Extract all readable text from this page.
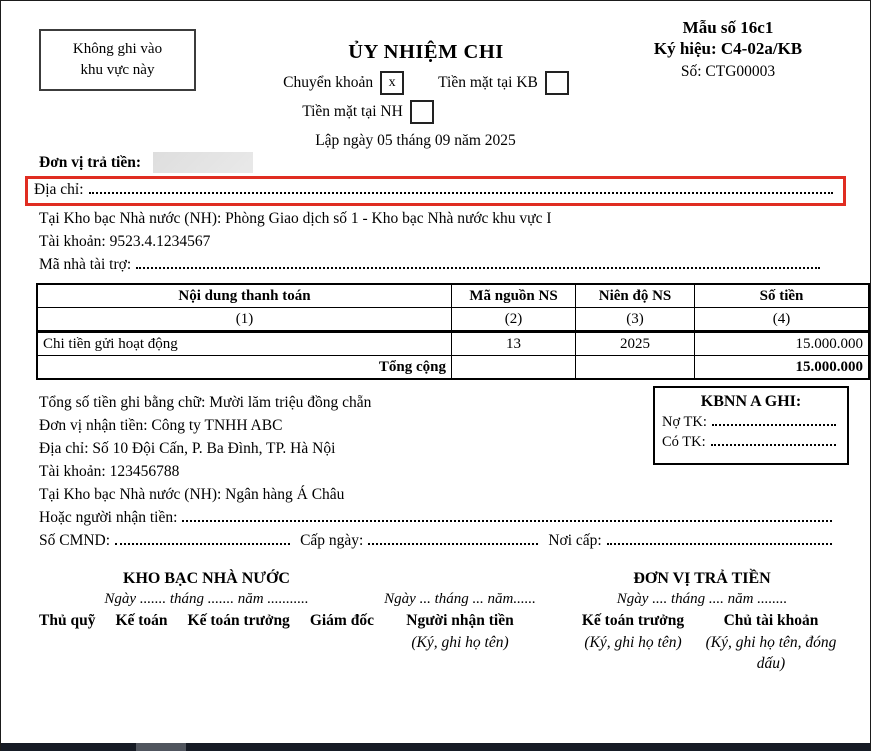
Không ghi vào
khu vực này
ỦY NHIỆM CHI
Chuyển khoản	x	Tiền mặt tại KB
Tiền mặt tại NH
Mẫu số 16c1
Ký hiệu: C4-02a/KB
Số: CTG00003
Lập ngày 05 tháng 09 năm 2025
Đơn vị trả tiền:
Địa chỉ:
Tại Kho bạc Nhà nước (NH): Phòng Giao dịch số 1 - Kho bạc Nhà nước khu vực I
Tài khoản: 9523.4.1234567
Mã nhà tài trợ:
Nội dung thanh toán	Mã nguồn NS	Niên độ NS	Số tiền
(1)	(2)	(3)	(4)
Chi tiền gửi hoạt động	13	2025	15.000.000
Tổng cộng			15.000.000
KBNN A GHI:
Nợ TK:
Có TK:
Tổng số tiền ghi bằng chữ: Mười lăm triệu đồng chẵn
Đơn vị nhận tiền: Công ty TNHH ABC
Địa chỉ: Số 10 Đội Cấn, P. Ba Đình, TP. Hà Nội
Tài khoản: 123456788
Tại Kho bạc Nhà nước (NH): Ngân hàng Á Châu
Hoặc người nhận tiền:
Số CMND:	Cấp ngày:	Nơi cấp:
KHO BẠC NHÀ NƯỚC
Ngày ....... tháng ....... năm ...........
Thủ quỹ Kế toán Kế toán trưởng Giám đốc
Ngày ... tháng ... năm......
Người nhận tiền
(Ký, ghi họ tên)
ĐƠN VỊ TRẢ TIỀN
Ngày .... tháng .... năm ........
Kế toán trưởng
(Ký, ghi họ tên)
Chủ tài khoản
(Ký, ghi họ tên, đóng dấu)
